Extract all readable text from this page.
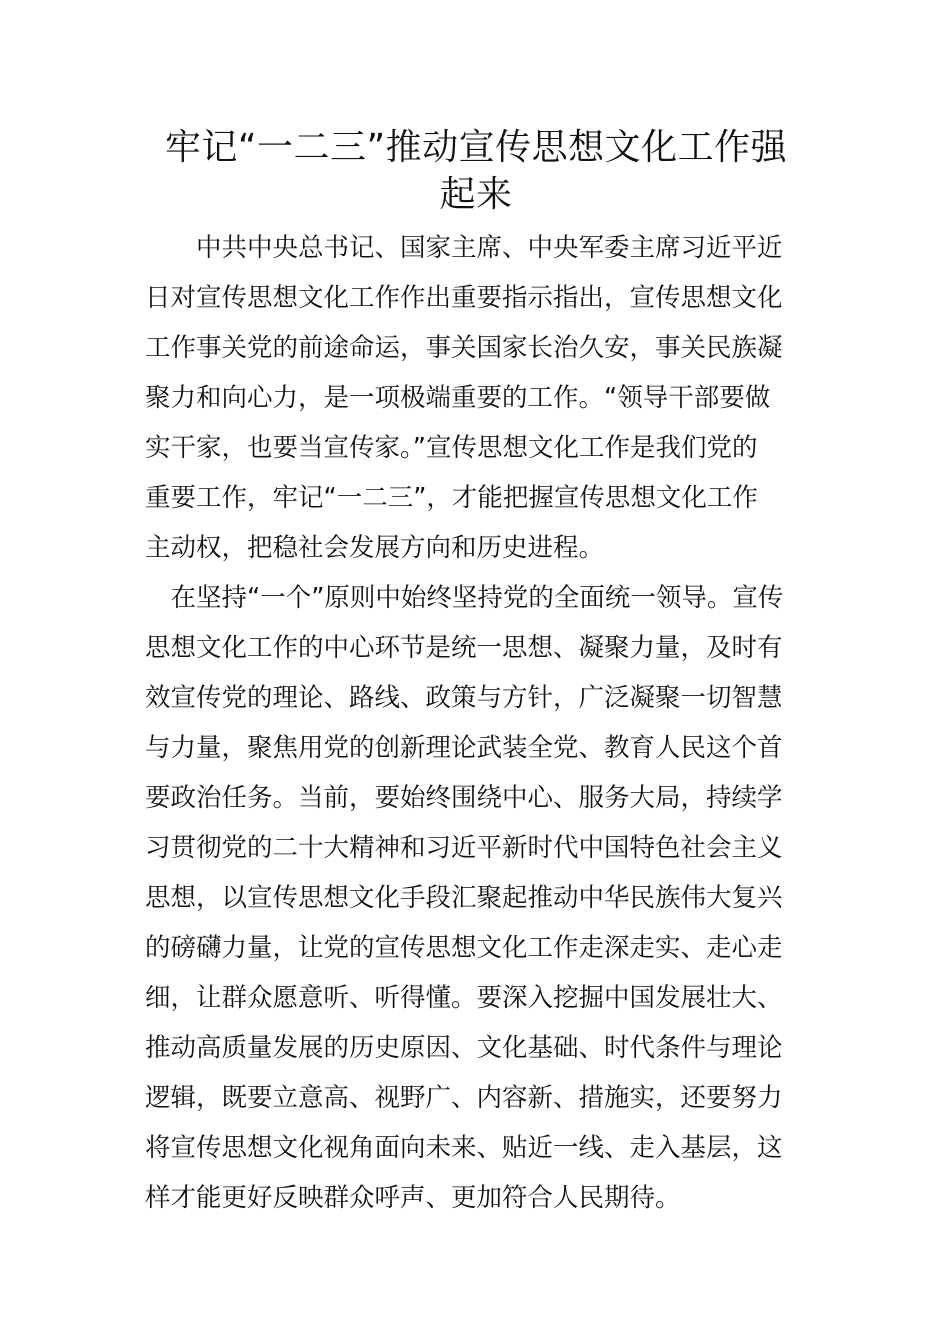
牢记“一二三”推动宣传思想文化工作强
起来

　　中共中央总书记、国家主席、中央军委主席习近平近
日对宣传思想文化工作作出重要指示指出，宣传思想文化
工作事关党的前途命运，事关国家长治久安，事关民族凝
聚力和向心力，是一项极端重要的工作。“领导干部要做
实干家，也要当宣传家。”宣传思想文化工作是我们党的
重要工作，牢记“一二三”，才能把握宣传思想文化工作
主动权，把稳社会发展方向和历史进程。

　在坚持“一个”原则中始终坚持党的全面统一领导。宣传
思想文化工作的中心环节是统一思想、凝聚力量，及时有
效宣传党的理论、路线、政策与方针，广泛凝聚一切智慧
与力量，聚焦用党的创新理论武装全党、教育人民这个首
要政治任务。当前，要始终围绕中心、服务大局，持续学
习贯彻党的二十大精神和习近平新时代中国特色社会主义
思想，以宣传思想文化手段汇聚起推动中华民族伟大复兴
的磅礴力量，让党的宣传思想文化工作走深走实、走心走
细，让群众愿意听、听得懂。要深入挖掘中国发展壮大、
推动高质量发展的历史原因、文化基础、时代条件与理论
逻辑，既要立意高、视野广、内容新、措施实，还要努力
将宣传思想文化视角面向未来、贴近一线、走入基层，这
样才能更好反映群众呼声、更加符合人民期待。
